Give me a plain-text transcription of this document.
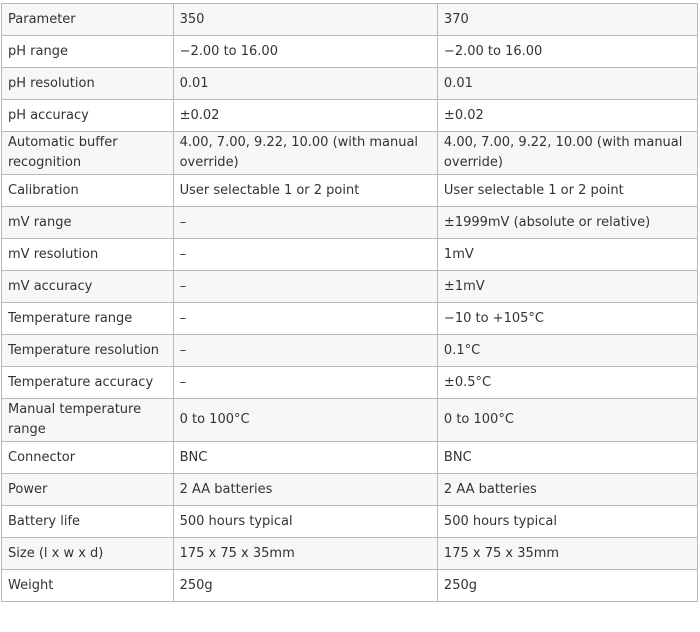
Parameter	350	370
pH range	−2.00 to 16.00	−2.00 to 16.00
pH resolution	0.01	0.01
pH accuracy	±0.02	±0.02
Automatic buffer recognition	4.00, 7.00, 9.22, 10.00 (with manual override)	4.00, 7.00, 9.22, 10.00 (with manual override)
Calibration	User selectable 1 or 2 point	User selectable 1 or 2 point
mV range	–	±1999mV (absolute or relative)
mV resolution	–	1mV
mV accuracy	–	±1mV
Temperature range	–	−10 to +105°C
Temperature resolution	–	0.1°C
Temperature accuracy	–	±0.5°C
Manual temperature range	0 to 100°C	0 to 100°C
Connector	BNC	BNC
Power	2 AA batteries	2 AA batteries
Battery life	500 hours typical	500 hours typical
Size (l x w x d)	175 x 75 x 35mm	175 x 75 x 35mm
Weight	250g	250g
